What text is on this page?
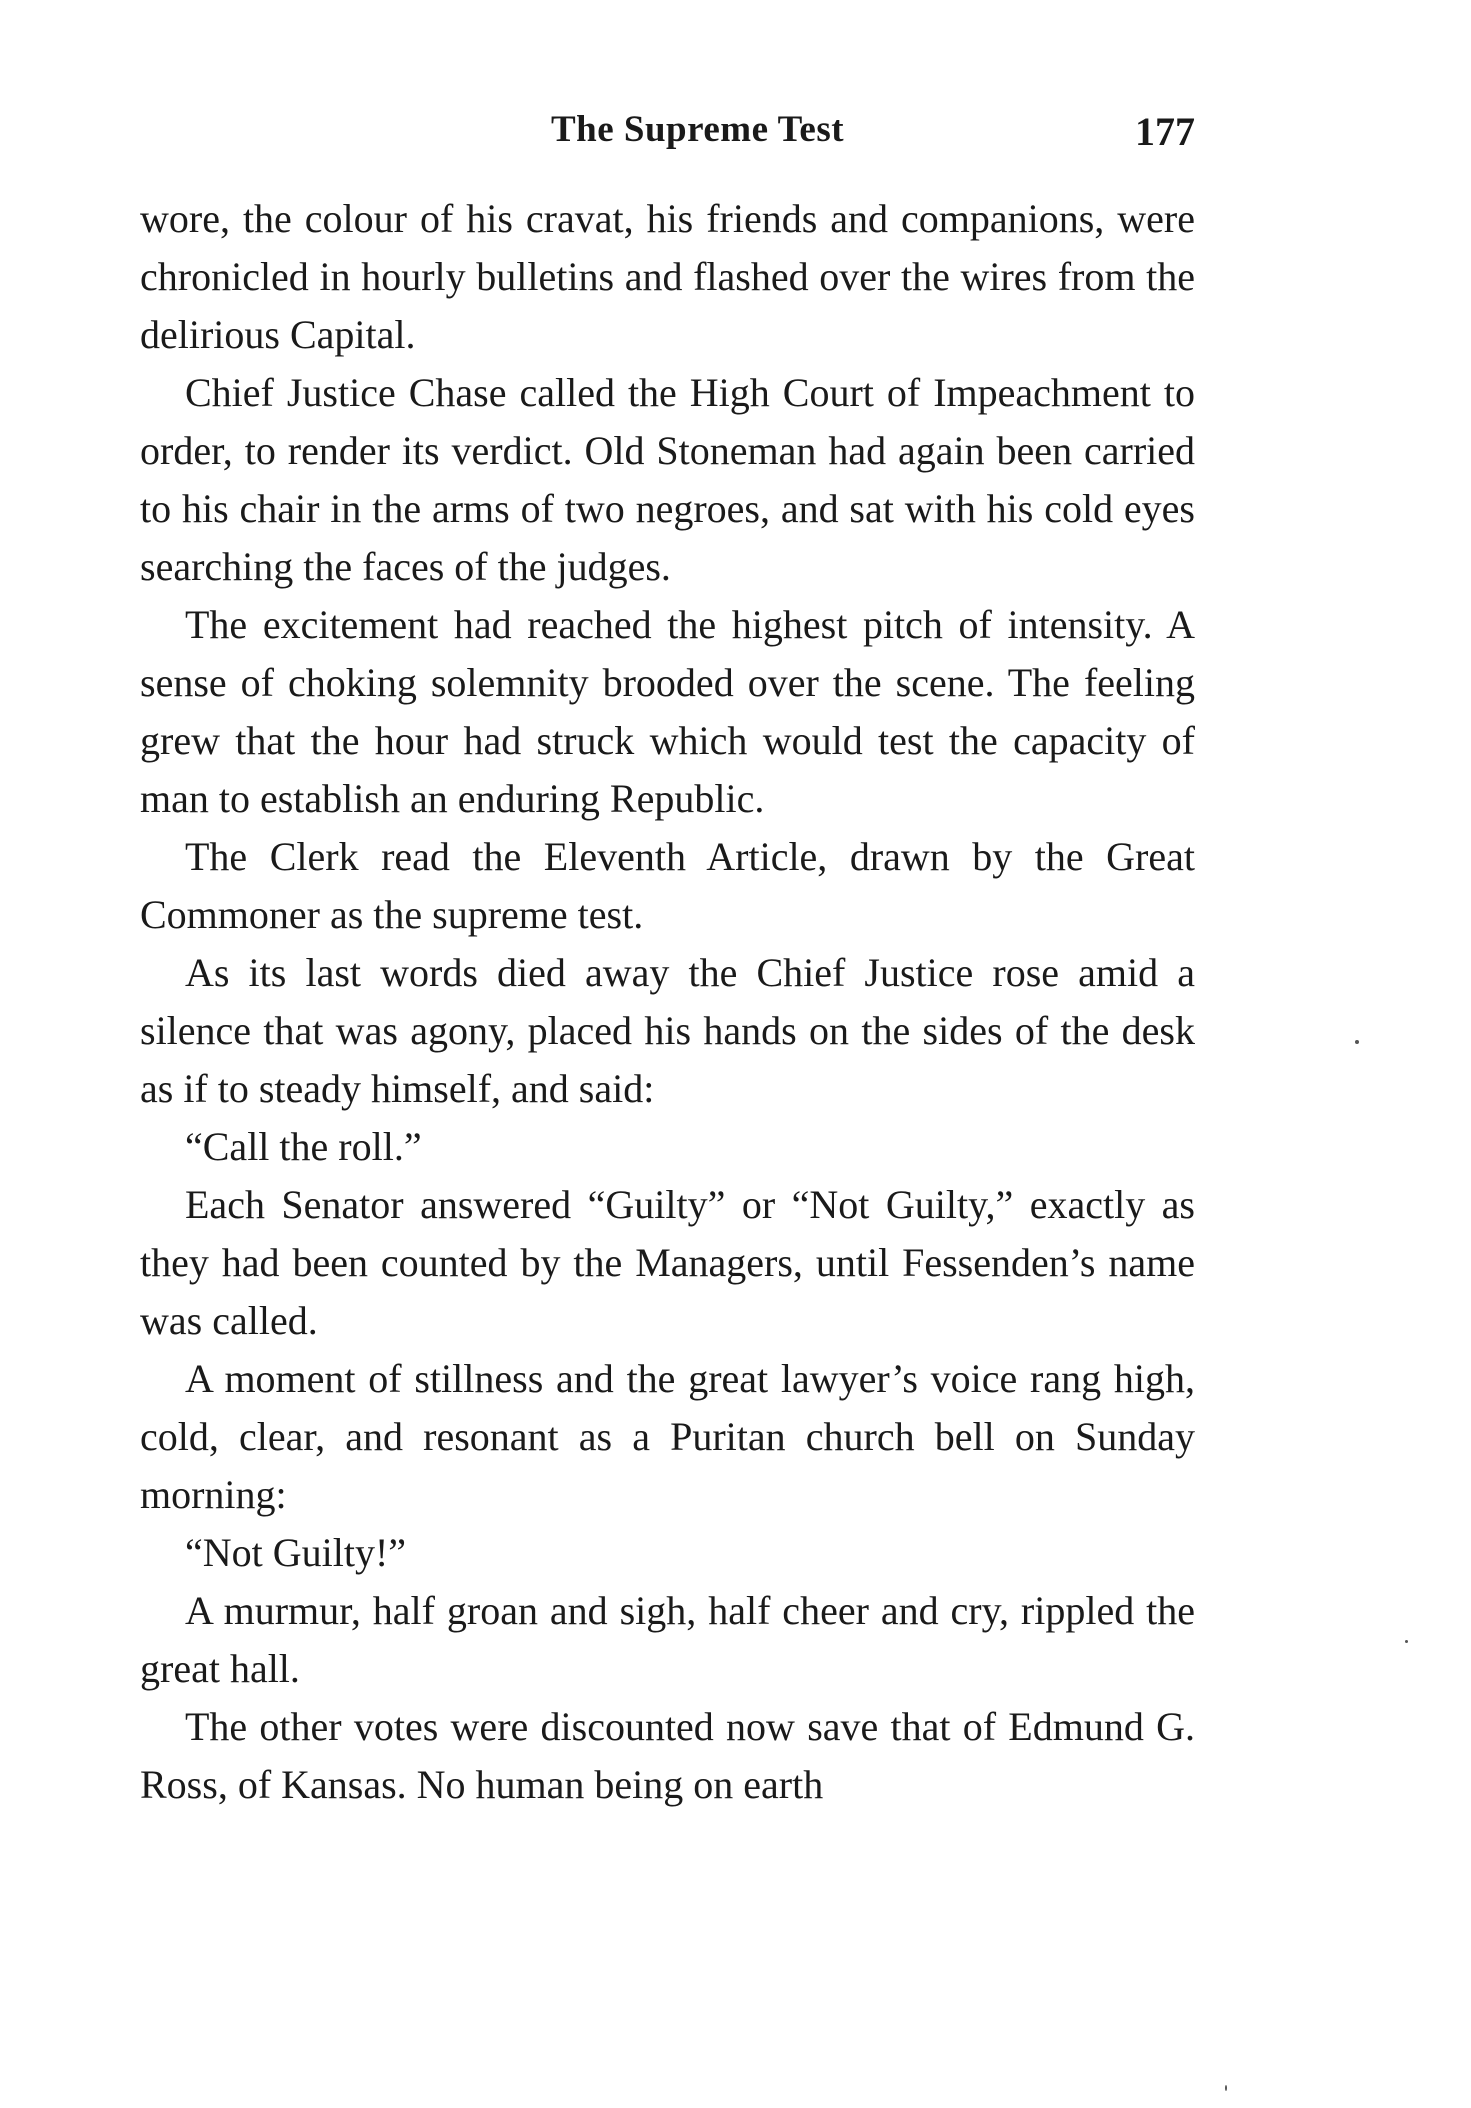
The Supreme Test	177

wore, the colour of his cravat, his friends and companions, were chronicled in hourly bulletins and flashed over the wires from the delirious Capital.

Chief Justice Chase called the High Court of Impeachment to order, to render its verdict. Old Stoneman had again been carried to his chair in the arms of two negroes, and sat with his cold eyes searching the faces of the judges.

The excitement had reached the highest pitch of intensity. A sense of choking solemnity brooded over the scene. The feeling grew that the hour had struck which would test the capacity of man to establish an enduring Republic.

The Clerk read the Eleventh Article, drawn by the Great Commoner as the supreme test.

As its last words died away the Chief Justice rose amid a silence that was agony, placed his hands on the sides of the desk as if to steady himself, and said:

“Call the roll.”

Each Senator answered “Guilty” or “Not Guilty,” exactly as they had been counted by the Managers, until Fessenden’s name was called.

A moment of stillness and the great lawyer’s voice rang high, cold, clear, and resonant as a Puritan church bell on Sunday morning:

“Not Guilty!”

A murmur, half groan and sigh, half cheer and cry, rippled the great hall.

The other votes were discounted now save that of Edmund G. Ross, of Kansas. No human being on earth
